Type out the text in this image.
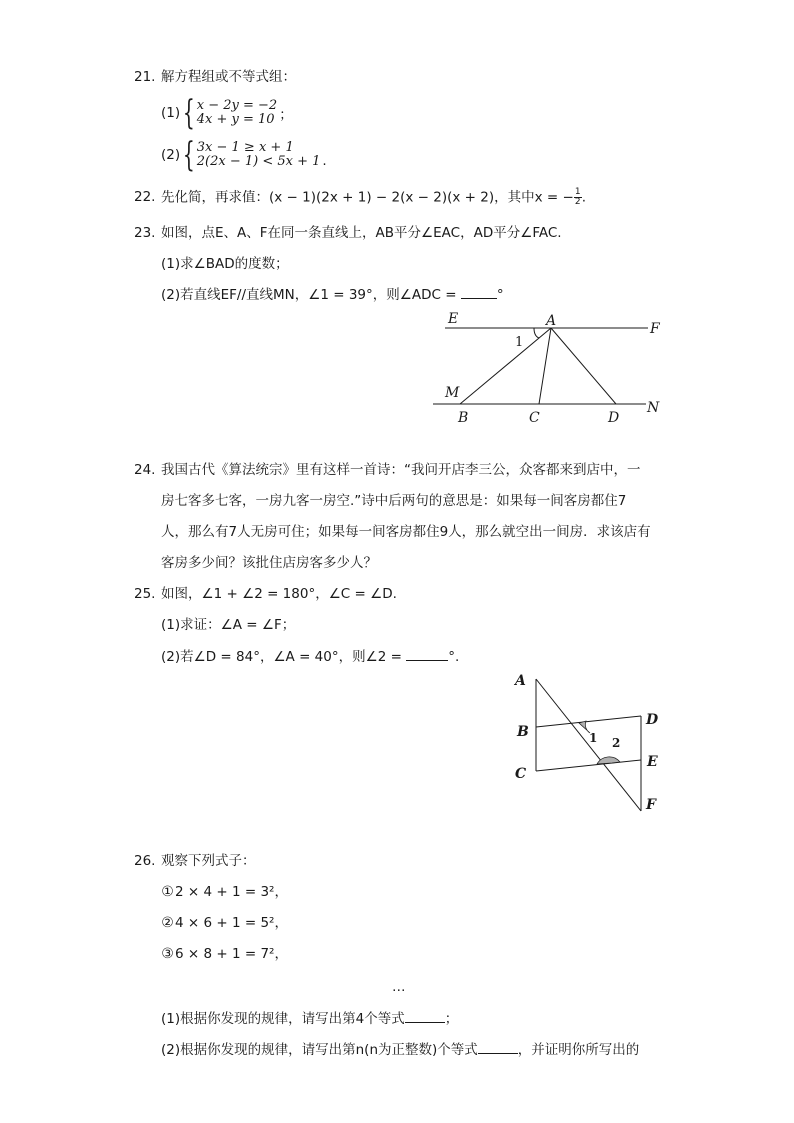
21. 解方程组或不等式组：
(1) { x − 2y = −2
4x + y = 10 ；
(2) { 3x − 1 ≥ x + 1
2(2x − 1) < 5x + 1 .
22. 先化简，再求值：(x − 1)(2x + 1) − 2(x − 2)(x + 2)，其中x = − $\frac{1}{2}$ .
23. 如图，点E、A、F在同一条直线上，AB平分∠EAC，AD平分∠FAC.
(1)求∠BAD的度数；
(2)若直线EF//直线MN，∠1 = 39°，则∠ADC =	°
E	A	F
1
M
N
B	C	D
24. 我国古代《算法统宗》里有这样一首诗：“我问开店李三公，众客都来到店中，一
房七客多七客，一房九客一房空.”诗中后两句的意思是：如果每一间客房都住7
人，那么有7人无房可住；如果每一间客房都住9人，那么就空出一间房．求该店有
客房多少间？该批住店房客多少人？
25. 如图，∠1 + ∠2 = 180°，∠C = ∠D.
(1)求证：∠A = ∠F；
(2)若∠D = 84°，∠A = 40°，则∠2 =	°.
A
B
C
D
E
F
1 2
26. 观察下列式子：
①2 × 4 + 1 = 3²，
②4 × 6 + 1 = 5²，
③6 × 8 + 1 = 7²，
…
(1)根据你发现的规律，请写出第4个等式	；
(2)根据你发现的规律，请写出第n(n为正整数)个等式	，并证明你所写出的
